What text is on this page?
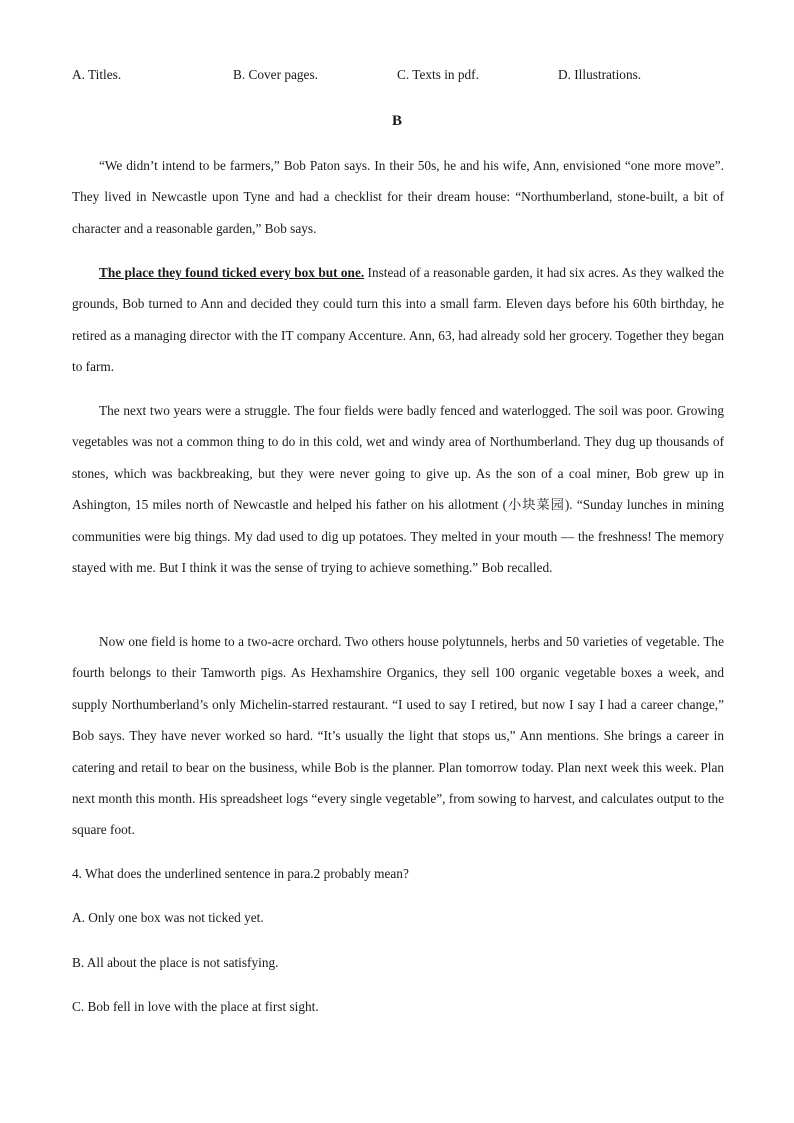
A. Titles.	B. Cover pages.	C. Texts in pdf.	D. Illustrations.
B

“We didn’t intend to be farmers,” Bob Paton says. In their 50s, he and his wife, Ann, envisioned “one more move”. They lived in Newcastle upon Tyne and had a checklist for their dream house: “Northumberland, stone-built, a bit of character and a reasonable garden,” Bob says.

The place they found ticked every box but one. Instead of a reasonable garden, it had six acres. As they walked the grounds, Bob turned to Ann and decided they could turn this into a small farm. Eleven days before his 60th birthday, he retired as a managing director with the IT company Accenture. Ann, 63, had already sold her grocery. Together they began to farm.

The next two years were a struggle. The four fields were badly fenced and waterlogged. The soil was poor. Growing vegetables was not a common thing to do in this cold, wet and windy area of Northumberland. They dug up thousands of stones, which was backbreaking, but they were never going to give up. As the son of a coal miner, Bob grew up in Ashington, 15 miles north of Newcastle and helped his father on his allotment (小块菜园). “Sunday lunches in mining communities were big things. My dad used to dig up potatoes. They melted in your mouth — the freshness! The memory stayed with me. But I think it was the sense of trying to achieve something.” Bob recalled.

Now one field is home to a two-acre orchard. Two others house polytunnels, herbs and 50 varieties of vegetable. The fourth belongs to their Tamworth pigs. As Hexhamshire Organics, they sell 100 organic vegetable boxes a week, and supply Northumberland’s only Michelin-starred restaurant. “I used to say I retired, but now I say I had a career change,” Bob says. They have never worked so hard. “It’s usually the light that stops us,” Ann mentions. She brings a career in catering and retail to bear on the business, while Bob is the planner. Plan tomorrow today. Plan next week this week. Plan next month this month. His spreadsheet logs “every single vegetable”, from sowing to harvest, and calculates output to the square foot.

4. What does the underlined sentence in para.2 probably mean?
A. Only one box was not ticked yet.
B. All about the place is not satisfying.
C. Bob fell in love with the place at first sight.
